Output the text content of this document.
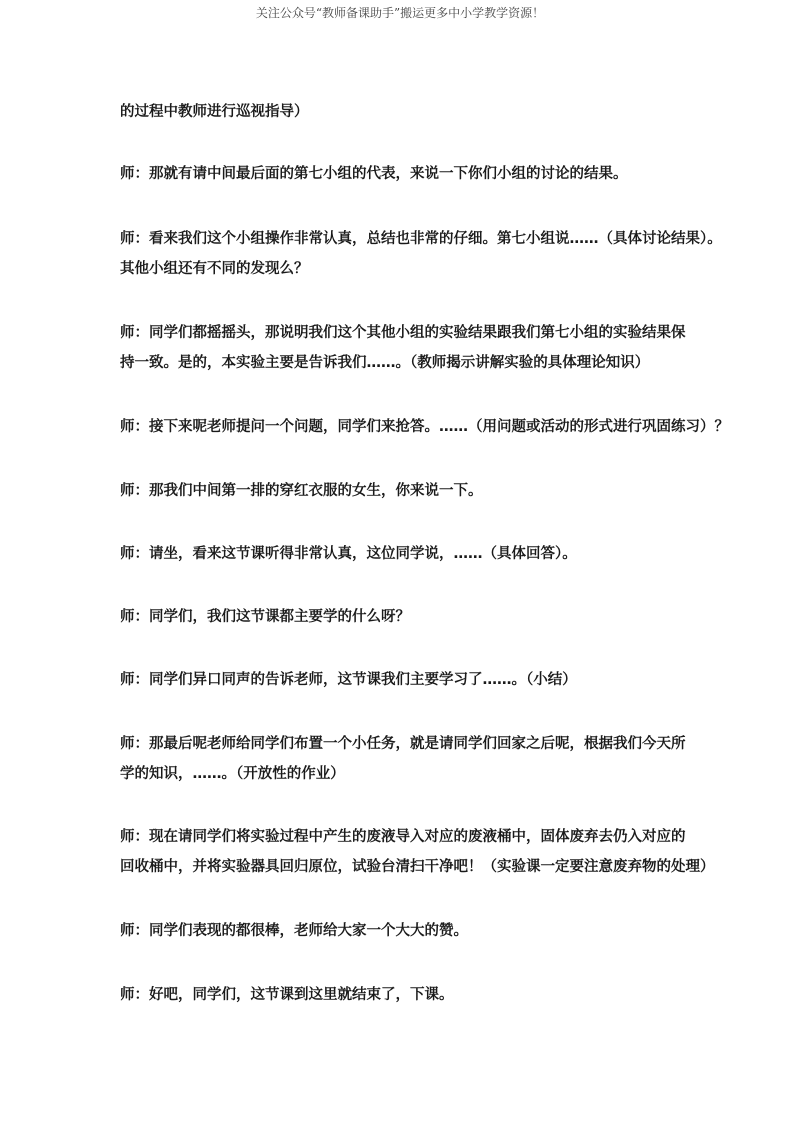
关注公众号“教师备课助手”搬运更多中小学教学资源！
的过程中教师进行巡视指导）
师：那就有请中间最后面的第七小组的代表，来说一下你们小组的讨论的结果。
师：看来我们这个小组操作非常认真，总结也非常的仔细。第七小组说……（具体讨论结果）。
其他小组还有不同的发现么？
师：同学们都摇摇头，那说明我们这个其他小组的实验结果跟我们第七小组的实验结果保
持一致。是的，本实验主要是告诉我们……。（教师揭示讲解实验的具体理论知识）
师：接下来呢老师提问一个问题，同学们来抢答。……（用问题或活动的形式进行巩固练习）？
师：那我们中间第一排的穿红衣服的女生，你来说一下。
师：请坐，看来这节课听得非常认真，这位同学说，……（具体回答）。
师：同学们，我们这节课都主要学的什么呀？
师：同学们异口同声的告诉老师，这节课我们主要学习了……。（小结）
师：那最后呢老师给同学们布置一个小任务，就是请同学们回家之后呢，根据我们今天所
学的知识，……。（开放性的作业）
师：现在请同学们将实验过程中产生的废液导入对应的废液桶中，固体废弃去仍入对应的
回收桶中，并将实验器具回归原位，试验台清扫干净吧！（实验课一定要注意废弃物的处理）
师：同学们表现的都很棒，老师给大家一个大大的赞。
师：好吧，同学们，这节课到这里就结束了，下课。
